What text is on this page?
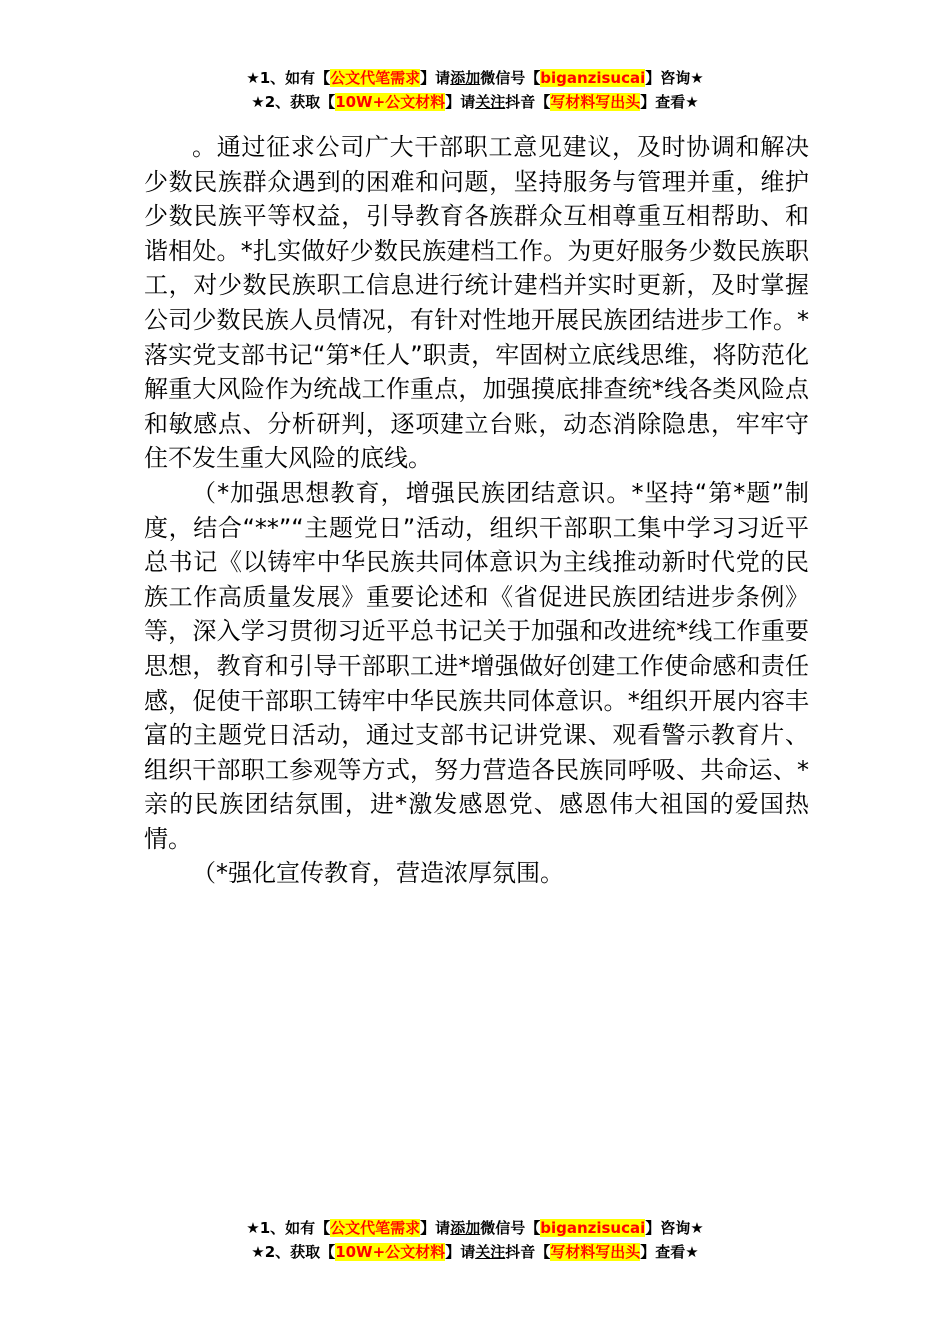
★1、如有【公文代笔需求】请添加微信号【biganzisucai】咨询★
★2、获取【10W+公文材料】请关注抖音【写材料写出头】查看★

。通过征求公司广大干部职工意见建议，及时协调和解决少数民族群众遇到的困难和问题，坚持服务与管理并重，维护少数民族平等权益，引导教育各族群众互相尊重互相帮助、和谐相处。*扎实做好少数民族建档工作。为更好服务少数民族职工，对少数民族职工信息进行统计建档并实时更新，及时掌握公司少数民族人员情况，有针对性地开展民族团结进步工作。*落实党支部书记“第*任人”职责，牢固树立底线思维，将防范化解重大风险作为统战工作重点，加强摸底排查统*线各类风险点和敏感点、分析研判，逐项建立台账，动态消除隐患，牢牢守住不发生重大风险的底线。

（*加强思想教育，增强民族团结意识。*坚持“第*题”制度，结合“**”“主题党日”活动，组织干部职工集中学习习近平总书记《以铸牢中华民族共同体意识为主线推动新时代党的民族工作高质量发展》重要论述和《省促进民族团结进步条例》等，深入学习贯彻习近平总书记关于加强和改进统*线工作重要思想，教育和引导干部职工进*增强做好创建工作使命感和责任感，促使干部职工铸牢中华民族共同体意识。*组织开展内容丰富的主题党日活动，通过支部书记讲党课、观看警示教育片、组织干部职工参观等方式，努力营造各民族同呼吸、共命运、*亲的民族团结氛围，进*激发感恩党、感恩伟大祖国的爱国热情。

（*强化宣传教育，营造浓厚氛围。

★1、如有【公文代笔需求】请添加微信号【biganzisucai】咨询★
★2、获取【10W+公文材料】请关注抖音【写材料写出头】查看★
